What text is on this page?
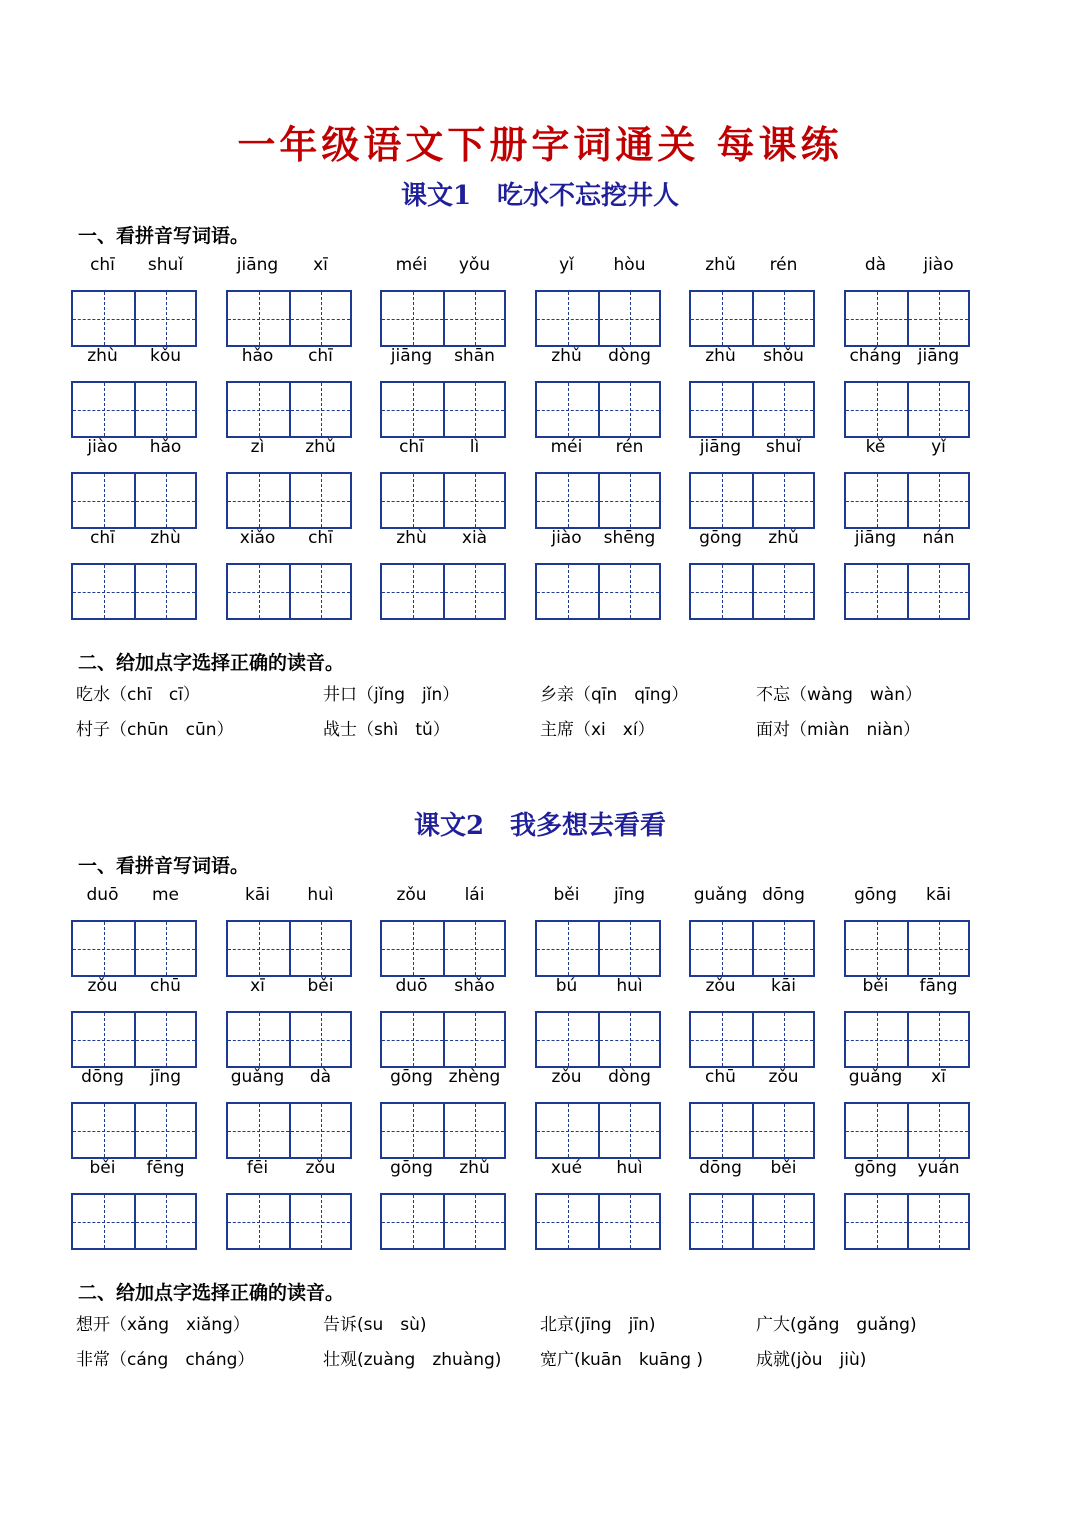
一年级语文下册字词通关 每课练
课文1　吃水不忘挖井人
一、看拼音写词语。
chī	shuǐ	jiāng	xī	méi	yǒu	yǐ	hòu	zhǔ	rén	dà	jiào
zhù	kǒu	hǎo	chī	jiāng	shān	zhǔ	dòng	zhù	shǒu	cháng jiāng
jiào	hǎo	zì	zhǔ	chī	lì	méi	rén	jiāng	shuǐ	kě	yǐ
chī	zhù	xiǎo	chī	zhù	xià	jiào	shēng	gōng	zhǔ	jiāng	nán
二、给加点字选择正确的读音。
吃水（chī　cī）	井口（jǐng　jǐn）	乡亲（qīn　qīng）	不忘（wàng　wàn）
村子（chūn　cūn）	战士（shì　tǔ）	主席（xi　xí）	面对（miàn　niàn）
课文2　我多想去看看
一、看拼音写词语。
duō	me	kāi	huì	zǒu	lái	běi	jīng	guǎng dōng	gōng	kāi
zǒu	chū	xī	běi	duō	shǎo	bú	huì	zǒu	kāi	běi	fāng
dōng	jīng	guǎng	dà	gōng zhèng	zǒu	dòng	chū	zǒu	guǎng	xī
běi	fēng	fēi	zǒu	gōng	zhǔ	xué	huì	dōng	běi	gōng	yuán
二、给加点字选择正确的读音。
想开（xǎng　xiǎng）	告诉(su　sù)	北京(jīng　jīn)	广大(gǎng　guǎng)
非常（cáng　cháng）	壮观(zuàng　zhuàng) 宽广(kuān　kuāng )	成就(jòu　jiù)
